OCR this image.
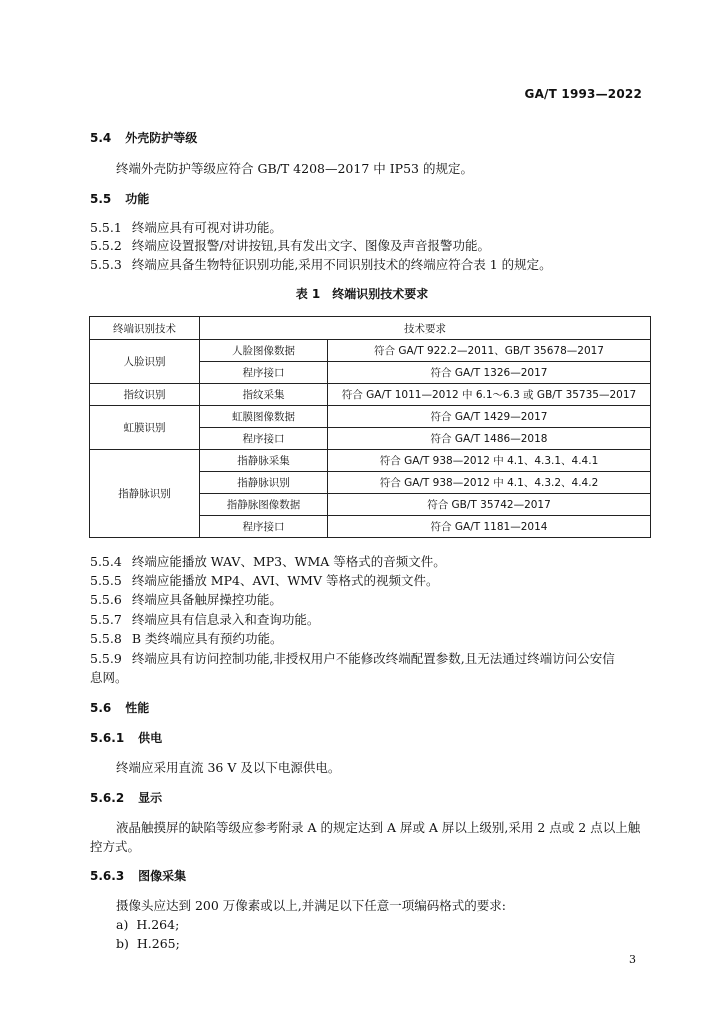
GA/T 1993—2022
5.4 外壳防护等级
终端外壳防护等级应符合 GB/T 4208—2017 中 IP53 的规定。
5.5 功能
5.5.1 终端应具有可视对讲功能。
5.5.2 终端应设置报警/对讲按钮,具有发出文字、图像及声音报警功能。
5.5.3 终端应具备生物特征识别功能,采用不同识别技术的终端应符合表 1 的规定。
表 1　终端识别技术要求
终端识别技术	技术要求	
人脸识别	人脸图像数据	符合 GA/T 922.2—2011、GB/T 35678—2017
	程序接口	符合 GA/T 1326—2017
指纹识别	指纹采集	符合 GA/T 1011—2012 中 6.1～6.3 或 GB/T 35735—2017
虹膜识别	虹膜图像数据	符合 GA/T 1429—2017
	程序接口	符合 GA/T 1486—2018
指静脉识别	指静脉采集	符合 GA/T 938—2012 中 4.1、4.3.1、4.4.1
	指静脉识别	符合 GA/T 938—2012 中 4.1、4.3.2、4.4.2
	指静脉图像数据	符合 GB/T 35742—2017
	程序接口	符合 GA/T 1181—2014
5.5.4 终端应能播放 WAV、MP3、WMA 等格式的音频文件。
5.5.5 终端应能播放 MP4、AVI、WMV 等格式的视频文件。
5.5.6 终端应具备触屏操控功能。
5.5.7 终端应具有信息录入和查询功能。
5.5.8 B 类终端应具有预约功能。
5.5.9 终端应具有访问控制功能,非授权用户不能修改终端配置参数,且无法通过终端访问公安信
息网。
5.6 性能
5.6.1 供电
终端应采用直流 36 V 及以下电源供电。
5.6.2 显示
液晶触摸屏的缺陷等级应参考附录 A 的规定达到 A 屏或 A 屏以上级别,采用 2 点或 2 点以上触
控方式。
5.6.3 图像采集
摄像头应达到 200 万像素或以上,并满足以下任意一项编码格式的要求:
a) H.264;
b) H.265;
3
